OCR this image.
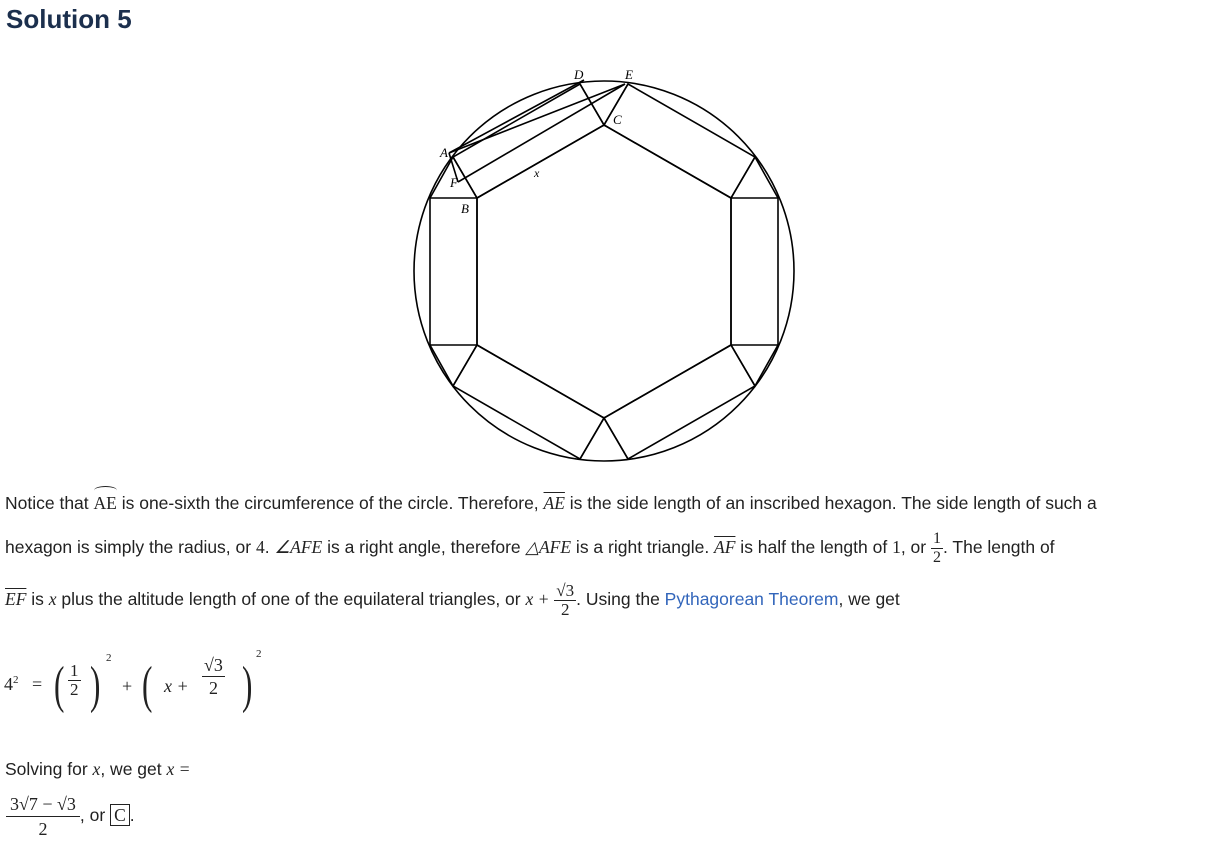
Solution 5
A
B
C
D	E
F
x
Notice that
AE is one-sixth the circumference of the circle. Therefore, $\overline{AE}$ is the side length of an inscribed hexagon. The side length of such a
hexagon is simply the radius, or 4. ∠AFE is a right angle, therefore △AFE is a right triangle. $\overline{AF}$ is half the length of 1, or $\frac{1}{2}$ . The length of
$\overline{EF}$ is x plus the altitude length of one of the equilateral triangles, or $x + \frac{√3}{2}$ . Using the Pythagorean Theorem, we get
$4^2$ = ( $\frac{1}{2}$ ) 2
+ ( $x + \frac{√3}{2}$ )
2
Solving for x, we get x =
$\frac{3√7 - √3}{2}$ , or C .
